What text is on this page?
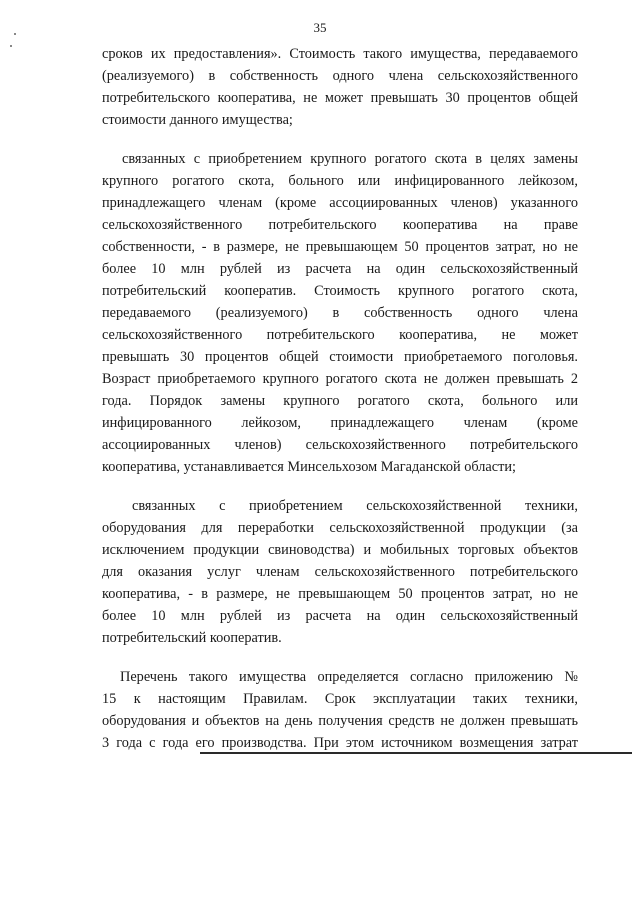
35
сроков их предоставления». Стоимость такого имущества, передаваемого
(реализуемого) в собственность одного члена сельскохозяйственного
потребительского кооператива, не может превышать 30 процентов общей
стоимости данного имущества;
связанных с приобретением крупного рогатого скота в целях замены
крупного рогатого скота, больного или инфицированного лейкозом,
принадлежащего членам (кроме ассоциированных членов) указанного
сельскохозяйственного потребительского кооператива на праве
собственности, - в размере, не превышающем 50 процентов затрат, но не
более 10 млн рублей из расчета на один сельскохозяйственный
потребительский кооператив. Стоимость крупного рогатого скота,
передаваемого (реализуемого) в собственность одного члена
сельскохозяйственного потребительского кооператива, не может
превышать 30 процентов общей стоимости приобретаемого поголовья.
Возраст приобретаемого крупного рогатого скота не должен превышать 2
года. Порядок замены крупного рогатого скота, больного или
инфицированного лейкозом, принадлежащего членам (кроме
ассоциированных членов) сельскохозяйственного потребительского
кооператива, устанавливается Минсельхозом Магаданской области;
связанных с приобретением сельскохозяйственной техники,
оборудования для переработки сельскохозяйственной продукции (за
исключением продукции свиноводства) и мобильных торговых объектов
для оказания услуг членам сельскохозяйственного потребительского
кооператива, - в размере, не превышающем 50 процентов затрат, но не
более 10 млн рублей из расчета на один сельскохозяйственный
потребительский кооператив.
Перечень такого имущества определяется согласно приложению №
15 к настоящим Правилам. Срок эксплуатации таких техники,
оборудования и объектов на день получения средств не должен превышать
3 года с года его производства. При этом источником возмещения затрат
